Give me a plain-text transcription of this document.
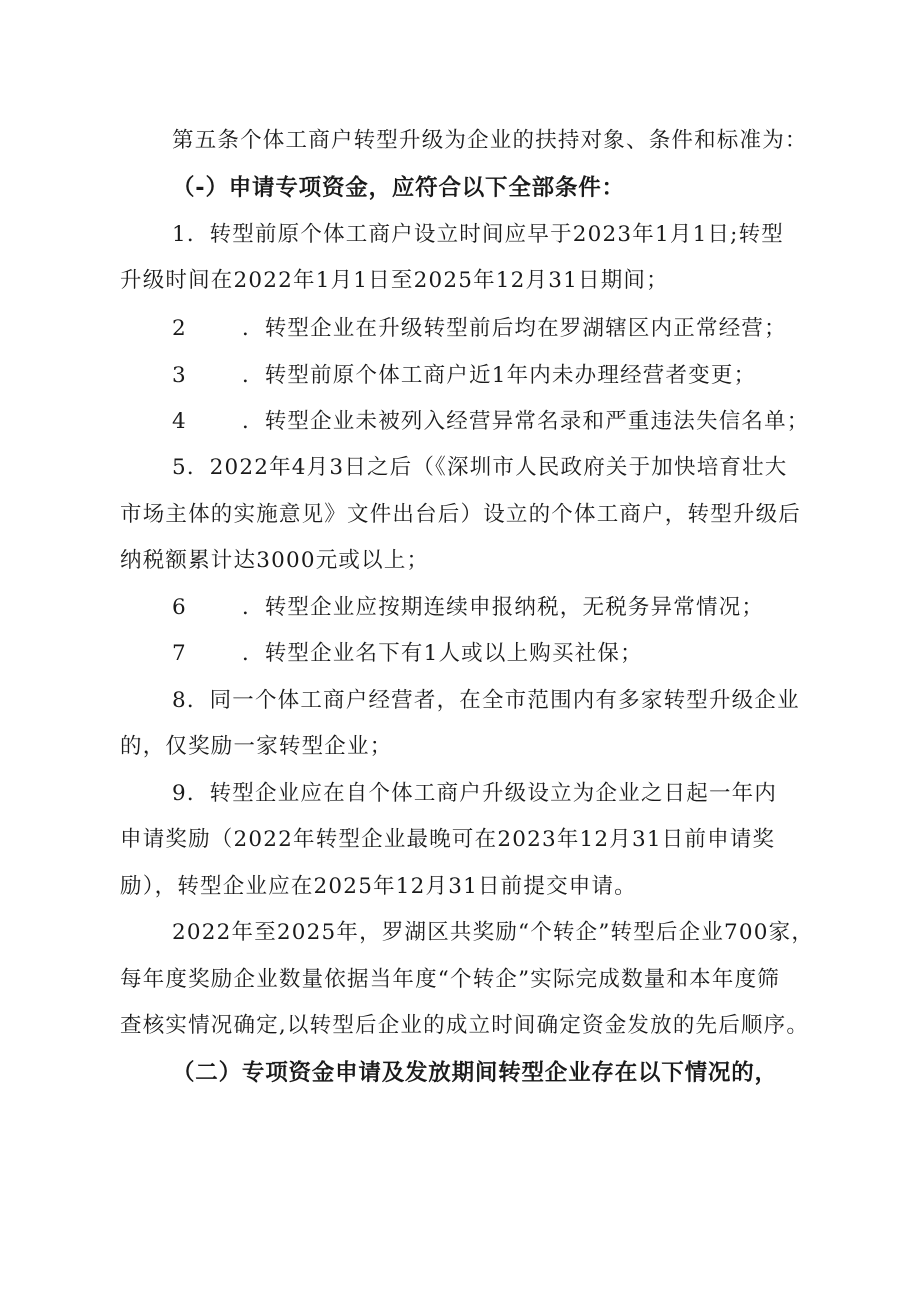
第五条个体工商户转型升级为企业的扶持对象、条件和标准为：
（-）申请专项资金，应符合以下全部条件：
1．转型前原个体工商户设立时间应早于2023年1月1日;转型
升级时间在2022年1月1日至2025年12月31日期间；
2	．转型企业在升级转型前后均在罗湖辖区内正常经营；
3	．转型前原个体工商户近1年内未办理经营者变更；
4	．转型企业未被列入经营异常名录和严重违法失信名单；
5．2022年4月3日之后（《深圳市人民政府关于加快培育壮大
市场主体的实施意见》文件出台后）设立的个体工商户，转型升级后
纳税额累计达3000元或以上；
6	．转型企业应按期连续申报纳税，无税务异常情况；
7	．转型企业名下有1人或以上购买社保；
8．同一个体工商户经营者，在全市范围内有多家转型升级企业
的，仅奖励一家转型企业；
9．转型企业应在自个体工商户升级设立为企业之日起一年内
申请奖励（2022年转型企业最晚可在2023年12月31日前申请奖
励），转型企业应在2025年12月31日前提交申请。
2022年至2025年，罗湖区共奖励“个转企”转型后企业700家，
每年度奖励企业数量依据当年度“个转企”实际完成数量和本年度筛
查核实情况确定,以转型后企业的成立时间确定资金发放的先后顺序。
（二）专项资金申请及发放期间转型企业存在以下情况的，
